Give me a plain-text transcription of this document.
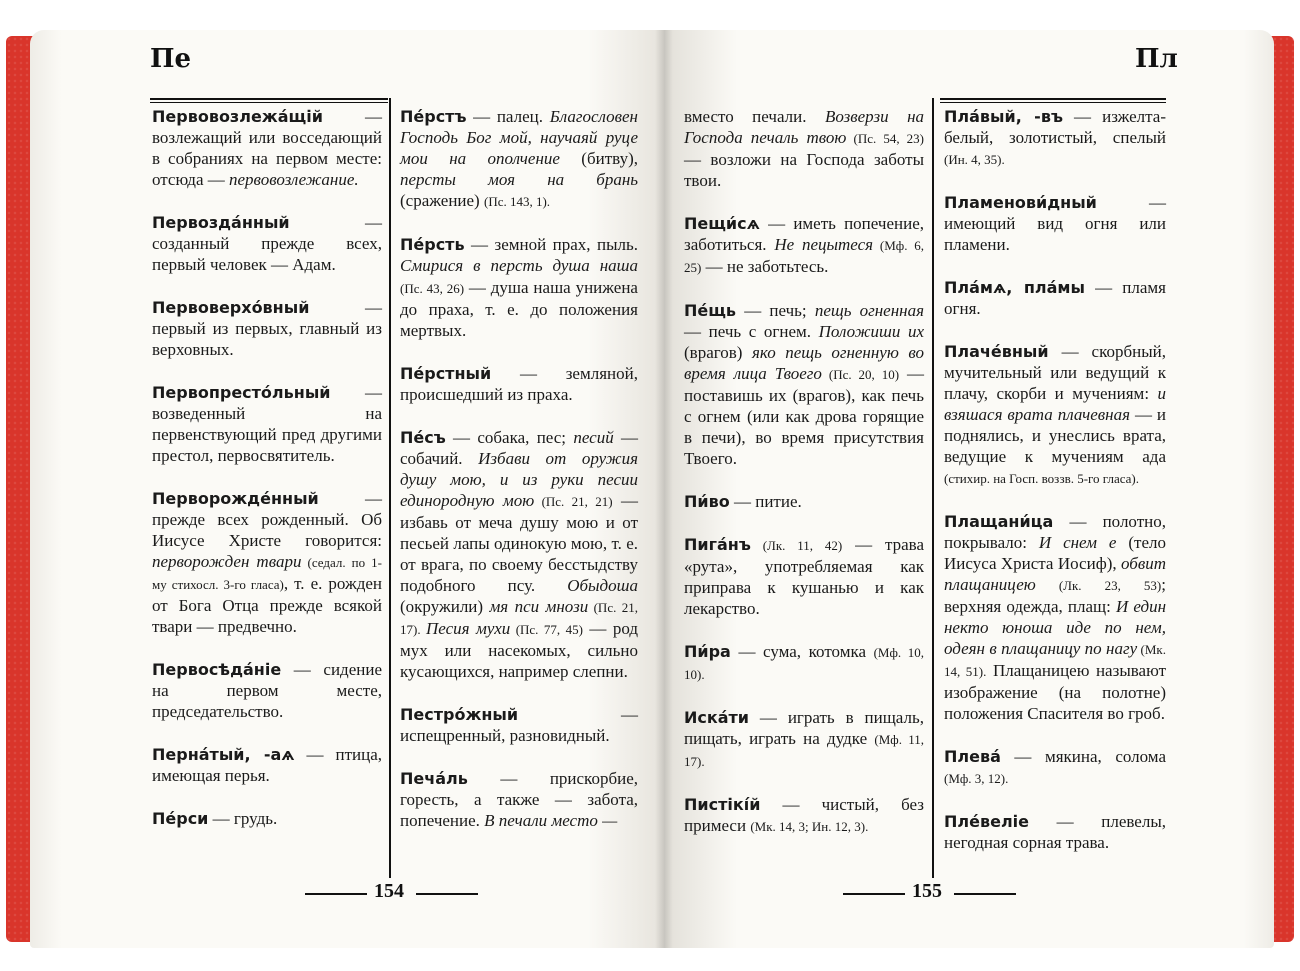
Пе
Первовозлежа́щій — возлежащий или восседающий в собраниях на первом месте: отсюда — первовозлежание.
Первозда́нный — созданный прежде всех, первый человек — Адам.
Первоверхо́вный — первый из первых, главный из верховных.
Первопресто́льный — возведенный на первенствующий пред другими престол, первосвятитель.
Перворожде́нный — прежде всех рожденный. Об Иисусе Христе говорится: перворожден твари (седал. по 1-му стихосл. 3-го гласа), т. е. рожден от Бога Отца прежде всякой твари — предвечно.
Первосѣда́ніе — сидение на первом месте, председательство.
Перна́тый, -аѧ — птица, имеющая перья.
Пе́рси — грудь.
Пе́рстъ — палец. Благословен Господь Бог мой, научаяй руце мои на ополчение (битву), персты моя на брань (сражение) (Пс. 143, 1).
Пе́рсть — земной прах, пыль. Смирися в персть душа наша (Пс. 43, 26) — душа наша унижена до праха, т. е. до положения мертвых.
Пе́рстный — земляной, происшедший из праха.
Пе́съ — собака, пес; песий — собачий. Избави от оружия душу мою, и из руки песии единородную мою (Пс. 21, 21) — избавь от меча душу мою и от песьей лапы одинокую мою, т. е. от врага, по своему бесстыдству подобного псу. Обыдоша (окружили) мя пси мнози (Пс. 21, 17). Песия мухи (Пс. 77, 45) — род мух или насекомых, сильно кусающихся, например слепни.
Пестро́жный — испещренный, разновидный.
Печа́ль — прискорбие, горесть, а также — забота, попечение. В печали место —
154
Пл
вместо печали. Возверзи на Господа печаль твою (Пс. 54, 23) — возложи на Господа заботы твои.
Пещи́сѧ — иметь попечение, заботиться. Не пецытеся (Мф. 6, 25) — не заботьтесь.
Пе́щь — печь; пещь огненная — печь с огнем. Положиши их (врагов) яко пещь огненную во время лица Твоего (Пс. 20, 10) — поставишь их (врагов), как печь с огнем (или как дрова горящие в печи), во время присутствия Твоего.
Пи́во — питие.
Пига́нъ (Лк. 11, 42) — трава «рута», употребляемая как приправа к кушанью и как лекарство.
Пи́ра — сума, котомка (Мф. 10, 10).
Иска́ти — играть в пищаль, пищать, играть на дудке (Мф. 11, 17).
Пистікі́й — чистый, без примеси (Мк. 14, 3; Ин. 12, 3).
Пла́вый, -въ — изжелта-белый, золотистый, спелый (Ин. 4, 35).
Пламенови́дный — имеющий вид огня или пламени.
Пла́мѧ, пла́мы — пламя огня.
Плаче́вный — скорбный, мучительный или ведущий к плачу, скорби и мучениям: и взяшася врата плачевная — и поднялись, и унеслись врата, ведущие к мучениям ада (стихир. на Госп. воззв. 5-го гласа).
Плащани́ца — полотно, покрывало: И снем е (тело Иисуса Христа Иосиф), обвит плащаницею (Лк. 23, 53); верхняя одежда, плащ: И един некто юноша иде по нем, одеян в плащаницу по нагу (Мк. 14, 51). Плащаницею называют изображение (на полотне) положения Спасителя во гроб.
Плева́ — мякина, солома (Мф. 3, 12).
Пле́веліе — плевелы, негодная сорная трава.
155
